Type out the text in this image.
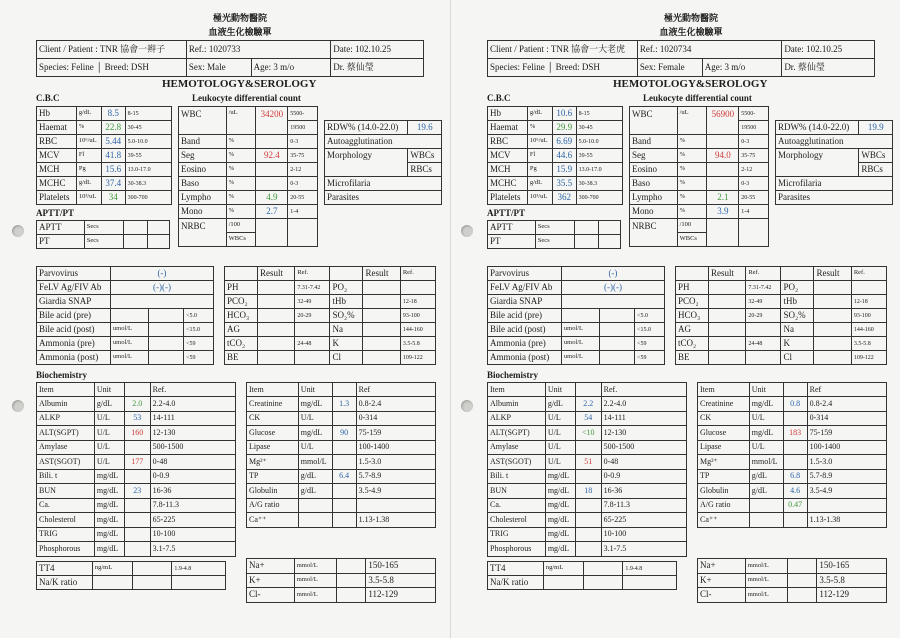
極光動物醫院
血液生化檢驗單
Client / Patient : TNR 協會一辫子	Ref.: 1020733		Date: 102.10.25
Species: Feline │ Breed: DSH	Sex: Male	Age: 3 m/o	Dr. 蔡仙瑩
HEMOTOLOGY&SEROLOGY
C.B.C	Leukocyte differential count
Hb	g/dL	8.5	8-15
Haemat	%	22.8	30-45
RBC	10⁶/uL	5.44	5.0-10.0
MCV	Fl	41.8	39-55
MCH	Pg	15.6	13.0-17.0
MCHC	g/dL	37.4	30-38.3
Platelets	10³/uL	34	300-700
WBC	/uL	34200	5500-
			19500
Band	%		0-3
Seg	%	92.4	35-75
Eosino	%		2-12
Baso	%		0-3
Lympho	%	4.9	20-55
Mono	%	2.7	1-4
NRBC	/100		
	WBCs		
RDW% (14.0-22.0)	19.6
Autoagglutination	
Morphology	WBCs
	RBCs
Microfilaria	
Parasites	
APTT/PT
APTT	Secs		
PT	Secs		
Parvovirus	(-)		
FeLV Ag/FIV Ab	(-)(-)		
Giardia SNAP			
Bile acid (pre)			<5.0
Bile acid (post)	umol/L		<15.0
Ammonia (pre)	umol/L		<59
Ammonia (post)	umol/L		<59
	Result	Ref.		Result	Ref.
PH		7.31-7.42	PO₂		
PCO₂		32-49	tHb		12-18
HCO₃		20-29	SO₂%		93-100
AG			Na		144-160
tCO₂		24-48	K		3.5-5.8
BE			Cl		109-122
Biochemistry
Item	Unit		Ref.
Albumin	g/dL	2.0	2.2-4.0
ALKP	U/L	53	14-111
ALT(SGPT)	U/L	160	12-130
Amylase	U/L		500-1500
AST(SGOT)	U/L	177	0-48
Bili. t	mg/dL		0-0.9
BUN	mg/dL	23	16-36
Ca.	mg/dL		7.8-11.3
Cholesterol	mg/dL		65-225
TRIG	mg/dL		10-100
Phosphorous	mg/dL		3.1-7.5
Item	Unit		Ref
Creatinine	mg/dL	1.3	0.8-2.4
CK	U/L		0-314
Glucose	mg/dL	90	75-159
Lipase	U/L		100-1400
Mg²⁺	mmol/L		1.5-3.0
TP	g/dL	6.4	5.7-8.9
Globulin	g/dL		3.5-4.9
A/G ratio			
Ca⁺⁺			1.13-1.38
TT4	ng/mL		1.9-4.8
Na/K ratio			
Na+	mmol/L		150-165
K+	mmol/L		3.5-5.8
Cl-	mmol/L		112-129
極光動物醫院
血液生化檢驗單
Client / Patient : TNR 協會一大老虎	Ref.: 1020734		Date: 102.10.25
Species: Feline │ Breed: DSH	Sex: Female	Age: 3 m/o	Dr. 蔡仙瑩
HEMOTOLOGY&SEROLOGY
C.B.C	Leukocyte differential count
Hb	g/dL	10.6	8-15
Haemat	%	29.9	30-45
RBC	10⁶/uL	6.69	5.0-10.0
MCV	Fl	44.6	39-55
MCH	Pg	15.9	13.0-17.0
MCHC	g/dL	35.5	30-38.3
Platelets	10³/uL	362	300-700
WBC	/uL	56900	5500-
			19500
Band	%		0-3
Seg	%	94.0	35-75
Eosino	%		2-12
Baso	%		0-3
Lympho	%	2.1	20-55
Mono	%	3.9	1-4
NRBC	/100		
	WBCs		
RDW% (14.0-22.0)	19.9
Autoagglutination	
Morphology	WBCs
	RBCs
Microfilaria	
Parasites	
APTT/PT
APTT	Secs		
PT	Secs		
Parvovirus	(-)		
FeLV Ag/FIV Ab	(-)(-)		
Giardia SNAP			
Bile acid (pre)			<5.0
Bile acid (post)	umol/L		<15.0
Ammonia (pre)	umol/L		<59
Ammonia (post)	umol/L		<59
	Result	Ref.		Result	Ref.
PH		7.31-7.42	PO₂		
PCO₂		32-49	tHb		12-18
HCO₃		20-29	SO₂%		93-100
AG			Na		144-160
tCO₂		24-48	K		3.5-5.8
BE			Cl		109-122
Biochemistry
Item	Unit		Ref.
Albumin	g/dL	2.2	2.2-4.0
ALKP	U/L	54	14-111
ALT(SGPT)	U/L	<10	12-130
Amylase	U/L		500-1500
AST(SGOT)	U/L	51	0-48
Bili. t	mg/dL		0-0.9
BUN	mg/dL	18	16-36
Ca.	mg/dL		7.8-11.3
Cholesterol	mg/dL		65-225
TRIG	mg/dL		10-100
Phosphorous	mg/dL		3.1-7.5
Item	Unit		Ref
Creatinine	mg/dL	0.8	0.8-2.4
CK	U/L		0-314
Glucose	mg/dL	183	75-159
Lipase	U/L		100-1400
Mg²⁺	mmol/L		1.5-3.0
TP	g/dL	6.8	5.7-8.9
Globulin	g/dL	4.6	3.5-4.9
A/G ratio		0.47	
Ca⁺⁺			1.13-1.38
TT4	ng/mL		1.9-4.8
Na/K ratio			
Na+	mmol/L		150-165
K+	mmol/L		3.5-5.8
Cl-	mmol/L		112-129
